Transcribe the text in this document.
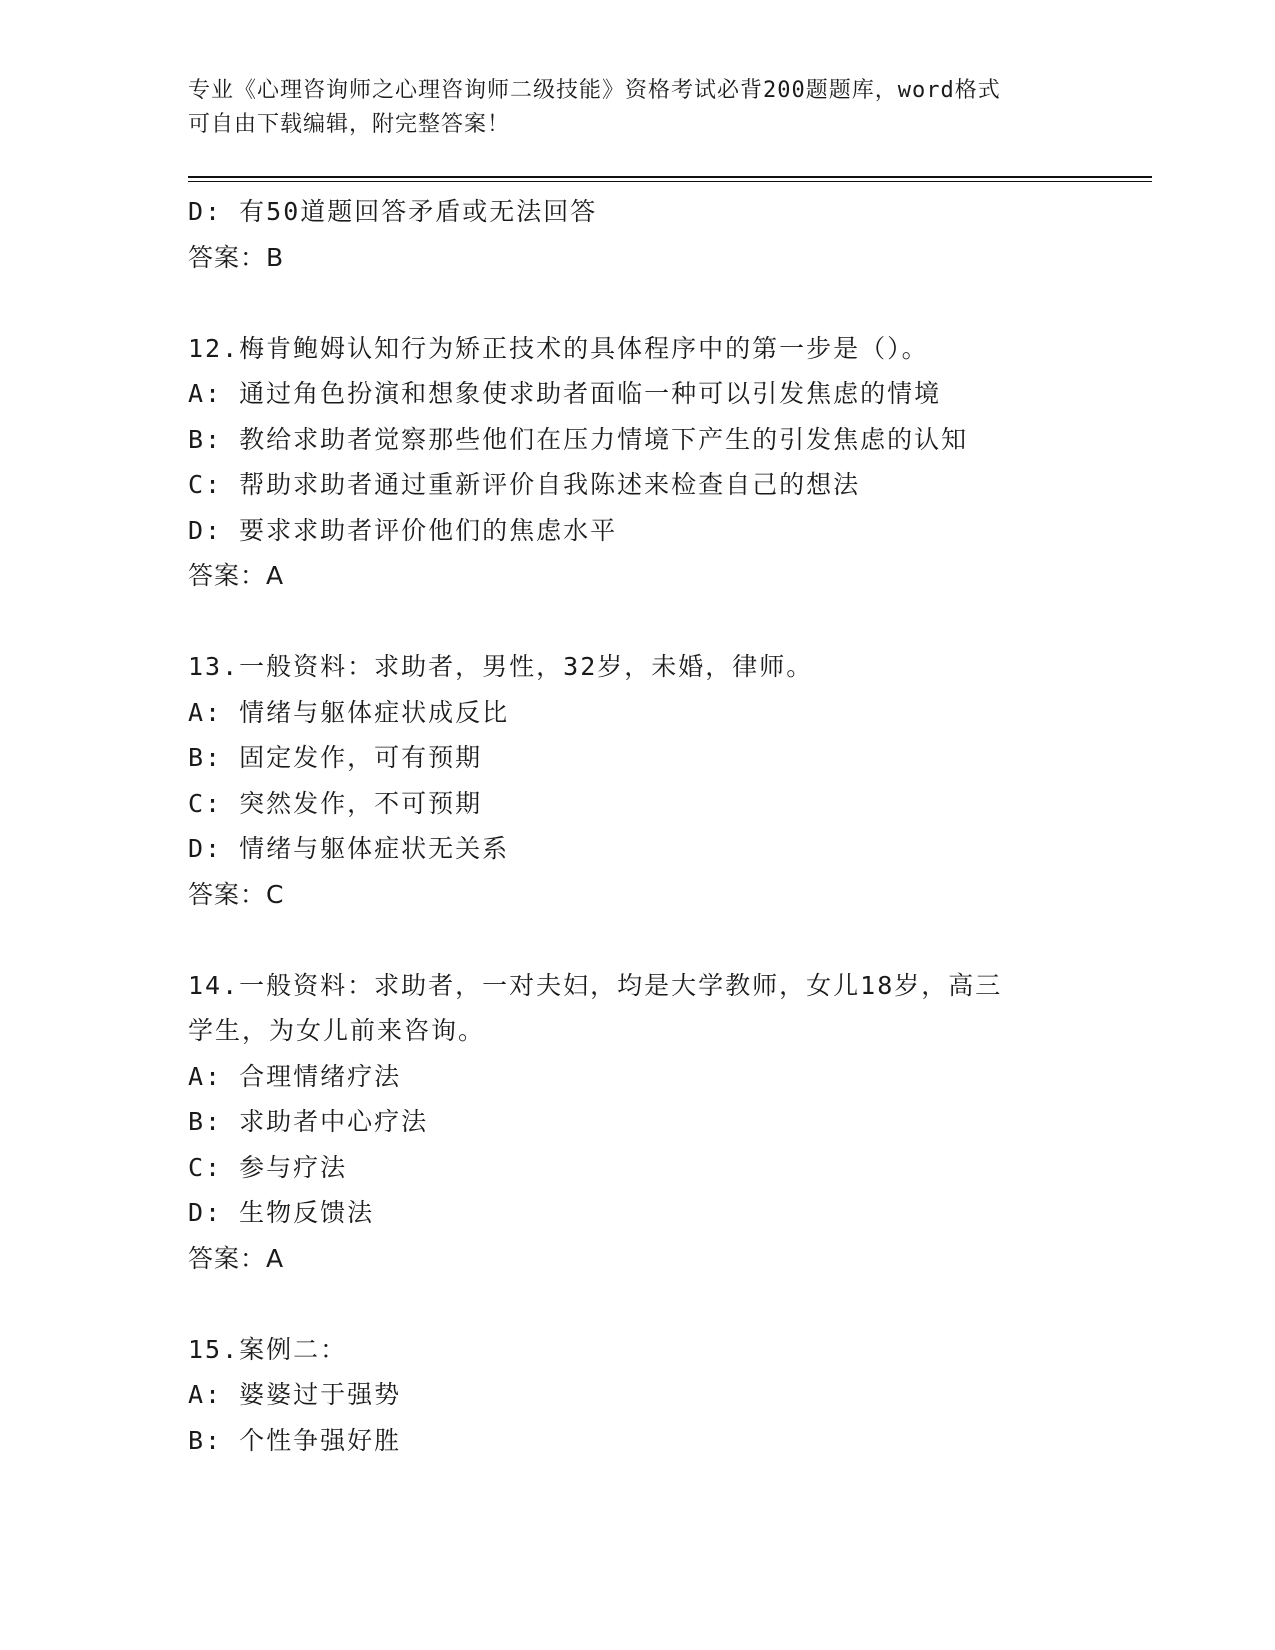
专业《心理咨询师之心理咨询师二级技能》资格考试必背200题题库，word格式
可自由下载编辑，附完整答案！
D: 有50道题回答矛盾或无法回答
答案：B
12.梅肯鲍姆认知行为矫正技术的具体程序中的第一步是（）。
A: 通过角色扮演和想象使求助者面临一种可以引发焦虑的情境
B: 教给求助者觉察那些他们在压力情境下产生的引发焦虑的认知
C: 帮助求助者通过重新评价自我陈述来检查自己的想法
D: 要求求助者评价他们的焦虑水平
答案：A
13.一般资料：求助者，男性，32岁，未婚，律师。
A: 情绪与躯体症状成反比
B: 固定发作，可有预期
C: 突然发作，不可预期
D: 情绪与躯体症状无关系
答案：C
14.一般资料：求助者，一对夫妇，均是大学教师，女儿18岁，高三
学生，为女儿前来咨询。
A: 合理情绪疗法
B: 求助者中心疗法
C: 参与疗法
D: 生物反馈法
答案：A
15.案例二：
A: 婆婆过于强势
B: 个性争强好胜
